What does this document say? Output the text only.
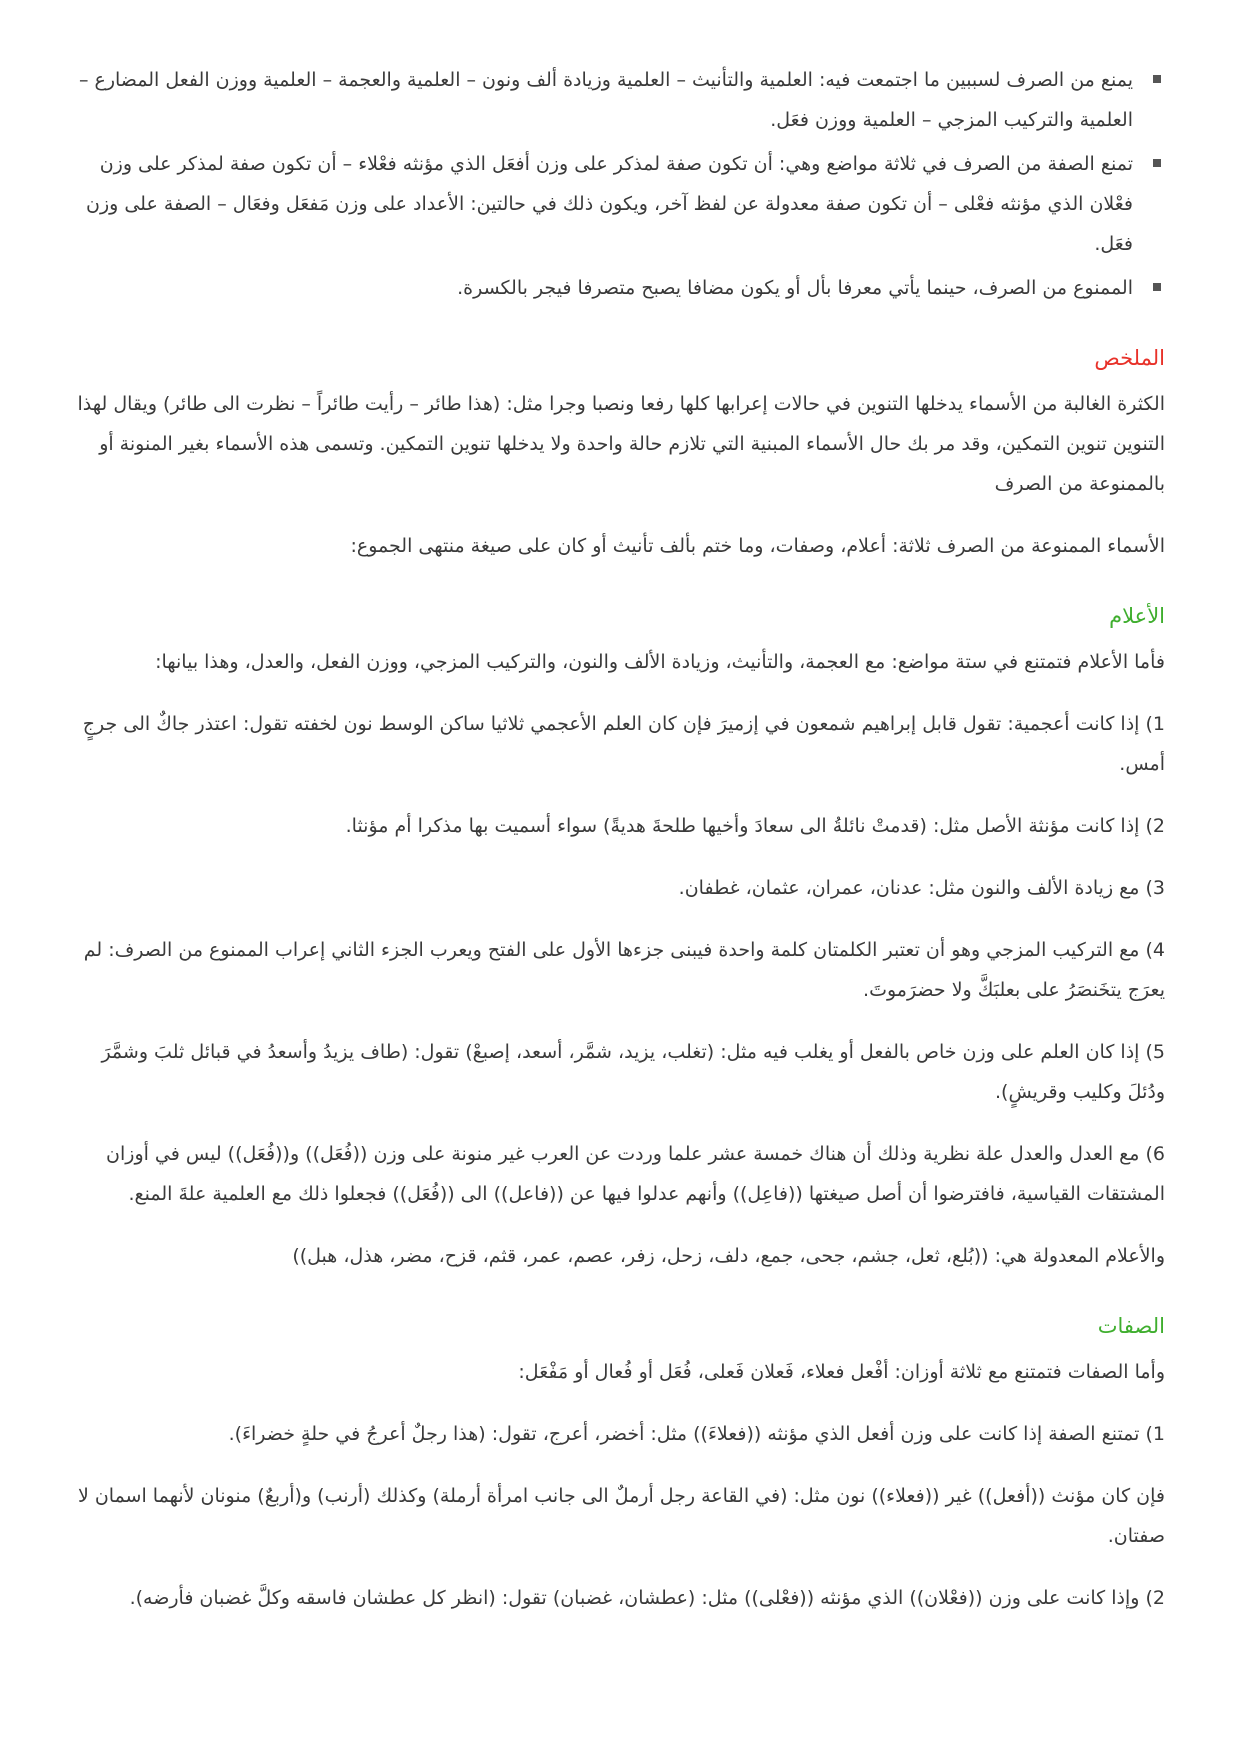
يمنع من الصرف لسببين ما اجتمعت فيه: العلمية والتأنيث – العلمية وزيادة ألف ونون – العلمية والعجمة – العلمية ووزن الفعل المضارع – العلمية والتركيب المزجي – العلمية ووزن فعَل.
تمنع الصفة من الصرف في ثلاثة مواضع وهي: أن تكون صفة لمذكر على وزن أفعَل الذي مؤنثه فعْلاء – أن تكون صفة لمذكر على وزن فعْلان الذي مؤنثه فعْلى – أن تكون صفة معدولة عن لفظ آخر، ويكون ذلك في حالتين: الأعداد على وزن مَفعَل وفعَال – الصفة على وزن فعَل.
الممنوع من الصرف، حينما يأتي معرفا بأل أو يكون مضافا يصبح متصرفا فيجر بالكسرة.
الملخص

الكثرة الغالبة من الأسماء يدخلها التنوين في حالات إعرابها كلها رفعا ونصبا وجرا مثل: (هذا طائر – رأيت طائراً – نظرت الى طائر) ويقال لهذا التنوين تنوين التمكين، وقد مر بك حال الأسماء المبنية التي تلازم حالة واحدة ولا يدخلها تنوين التمكين. وتسمى هذه الأسماء بغير المنونة أو بالممنوعة من الصرف

الأسماء الممنوعة من الصرف ثلاثة: أعلام، وصفات، وما ختم بألف تأنيث أو كان على صيغة منتهى الجموع:

الأعلام

فأما الأعلام فتمتنع في ستة مواضع: مع العجمة، والتأنيث، وزيادة الألف والنون، والتركيب المزجي، ووزن الفعل، والعدل، وهذا بيانها:

1) إذا كانت أعجمية: تقول قابل إبراهيم شمعون في إزميرَ فإن كان العلم الأعجمي ثلاثيا ساكن الوسط نون لخفته تقول: اعتذر جاكٌ الى جرجٍ أمس.

2) إذا كانت مؤنثة الأصل مثل: (قدمتْ نائلةُ الى سعادَ وأخيها طلحةَ هديةً) سواء أسميت بها مذكرا أم مؤنثا.

3) مع زيادة الألف والنون مثل: عدنان، عمران، عثمان، غطفان.

4) مع التركيب المزجي وهو أن تعتبر الكلمتان كلمة واحدة فيبنى جزءها الأول على الفتح ويعرب الجزء الثاني إعراب الممنوع من الصرف: لم يعرَج يتخَنصَرُ على بعلبَكَّ ولا حضرَموتَ.

5) إذا كان العلم على وزن خاص بالفعل أو يغلب فيه مثل: (تغلب، يزيد، شمَّر، أسعد، إصبعْ) تقول: (طاف يزيدُ وأسعدُ في قبائل ثلبَ وشمَّرَ ودُئلَ وكليب وقريشٍ).

6) مع العدل والعدل علة نظرية وذلك أن هناك خمسة عشر علما وردت عن العرب غير منونة على وزن ((فُعَل)) و((فُعَل)) ليس في أوزان المشتقات القياسية، فافترضوا أن أصل صيغتها ((فاعِل)) وأنهم عدلوا فيها عن ((فاعل)) الى ((فُعَل)) فجعلوا ذلك مع العلمية علةَ المنع.

والأعلام المعدولة هي: ((بُلع، ثعل، جشم، جحى، جمع، دلف، زحل، زفر، عصم، عمر، قثم، قزح، مضر، هذل، هبل))

الصفات

وأما الصفات فتمتنع مع ثلاثة أوزان: أفْعل فعلاء، فَعلان فَعلى، فُعَل أو فُعال أو مَفْعَل:

1) تمتنع الصفة إذا كانت على وزن أفعل الذي مؤنثه ((فعلاءَ)) مثل: أخضر، أعرج، تقول: (هذا رجلٌ أعرجُ في حلةٍ خضراءَ).

فإن كان مؤنث ((أفعل)) غير ((فعلاء)) نون مثل: (في القاعة رجل أرملٌ الى جانب امرأة أرملة) وكذلك (أرنب) و(أربعٌ) منونان لأنهما اسمان لا صفتان.

2) وإذا كانت على وزن ((فعْلان)) الذي مؤنثه ((فعْلى)) مثل: (عطشان، غضبان) تقول: (انظر كل عطشان فاسقه وكلَّ غضبان فأرضه).
